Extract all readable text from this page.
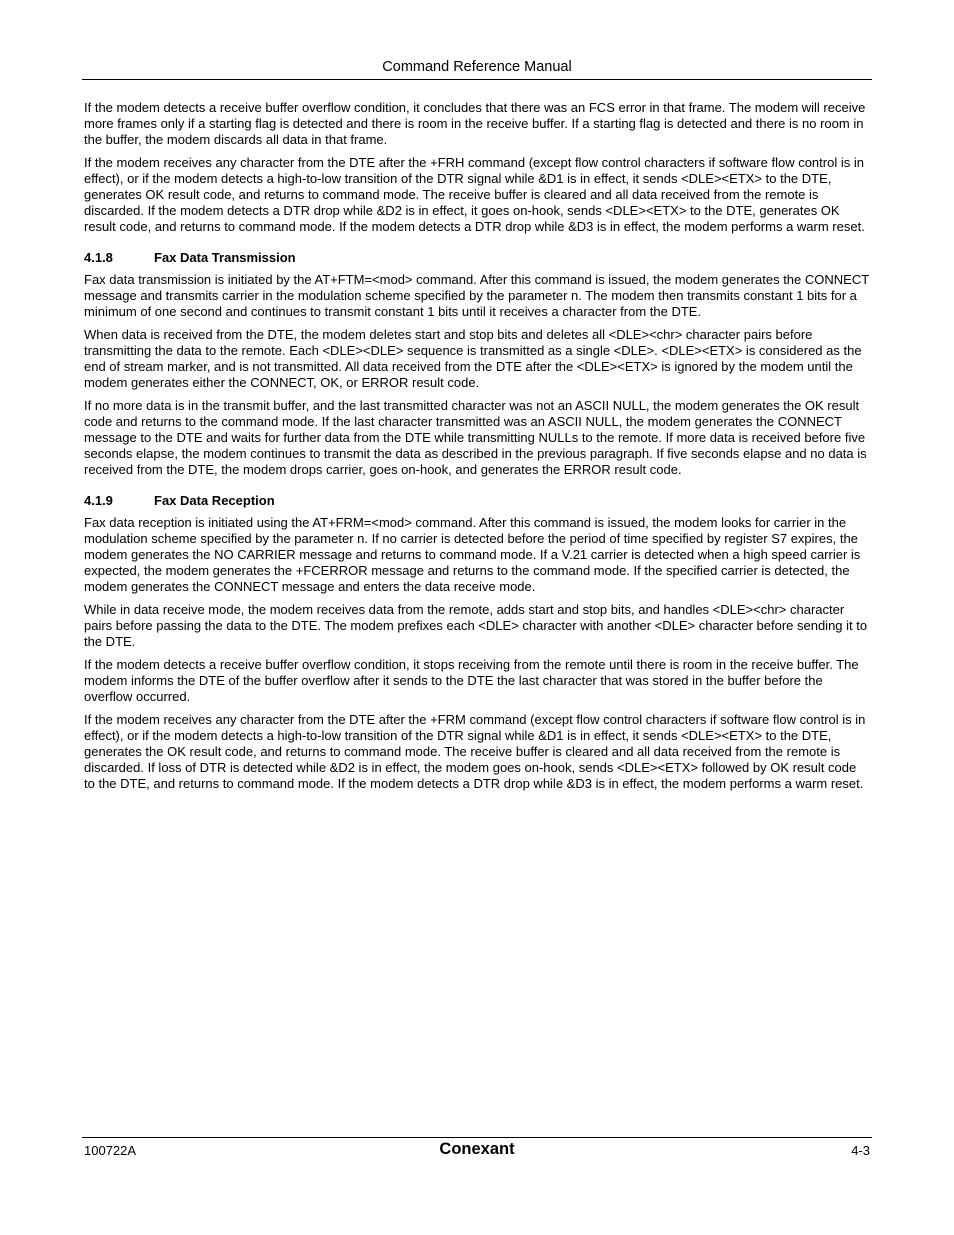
Command Reference Manual

If the modem detects a receive buffer overflow condition, it concludes that there was an FCS error in that frame. The modem will receive more frames only if a starting flag is detected and there is room in the receive buffer. If a starting flag is detected and there is no room in the buffer, the modem discards all data in that frame.

If the modem receives any character from the DTE after the +FRH command (except flow control characters if software flow control is in effect), or if the modem detects a high-to-low transition of the DTR signal while &D1 is in effect, it sends <DLE><ETX> to the DTE, generates OK result code, and returns to command mode. The receive buffer is cleared and all data received from the remote is discarded. If the modem detects a DTR drop while &D2 is in effect, it goes on-hook, sends <DLE><ETX> to the DTE, generates OK result code, and returns to command mode. If the modem detects a DTR drop while &D3 is in effect, the modem performs a warm reset.

4.1.8	Fax Data Transmission

Fax data transmission is initiated by the AT+FTM=<mod> command. After this command is issued, the modem generates the CONNECT message and transmits carrier in the modulation scheme specified by the parameter n. The modem then transmits constant 1 bits for a minimum of one second and continues to transmit constant 1 bits until it receives a character from the DTE.

When data is received from the DTE, the modem deletes start and stop bits and deletes all <DLE><chr> character pairs before transmitting the data to the remote. Each <DLE><DLE> sequence is transmitted as a single <DLE>. <DLE><ETX> is considered as the end of stream marker, and is not transmitted. All data received from the DTE after the <DLE><ETX> is ignored by the modem until the modem generates either the CONNECT, OK, or ERROR result code.

If no more data is in the transmit buffer, and the last transmitted character was not an ASCII NULL, the modem generates the OK result code and returns to the command mode. If the last character transmitted was an ASCII NULL, the modem generates the CONNECT message to the DTE and waits for further data from the DTE while transmitting NULLs to the remote. If more data is received before five seconds elapse, the modem continues to transmit the data as described in the previous paragraph. If five seconds elapse and no data is received from the DTE, the modem drops carrier, goes on-hook, and generates the ERROR result code.

4.1.9	Fax Data Reception

Fax data reception is initiated using the AT+FRM=<mod> command. After this command is issued, the modem looks for carrier in the modulation scheme specified by the parameter n. If no carrier is detected before the period of time specified by register S7 expires, the modem generates the NO CARRIER message and returns to command mode. If a V.21 carrier is detected when a high speed carrier is expected, the modem generates the +FCERROR message and returns to the command mode. If the specified carrier is detected, the modem generates the CONNECT message and enters the data receive mode.

While in data receive mode, the modem receives data from the remote, adds start and stop bits, and handles <DLE><chr> character pairs before passing the data to the DTE. The modem prefixes each <DLE> character with another <DLE> character before sending it to the DTE.

If the modem detects a receive buffer overflow condition, it stops receiving from the remote until there is room in the receive buffer. The modem informs the DTE of the buffer overflow after it sends to the DTE the last character that was stored in the buffer before the overflow occurred.

If the modem receives any character from the DTE after the +FRM command (except flow control characters if software flow control is in effect), or if the modem detects a high-to-low transition of the DTR signal while &D1 is in effect, it sends <DLE><ETX> to the DTE, generates the OK result code, and returns to command mode. The receive buffer is cleared and all data received from the remote is discarded. If loss of DTR is detected while &D2 is in effect, the modem goes on-hook, sends <DLE><ETX> followed by OK result code to the DTE, and returns to command mode. If the modem detects a DTR drop while &D3 is in effect, the modem performs a warm reset.

100722A	Conexant	4-3
